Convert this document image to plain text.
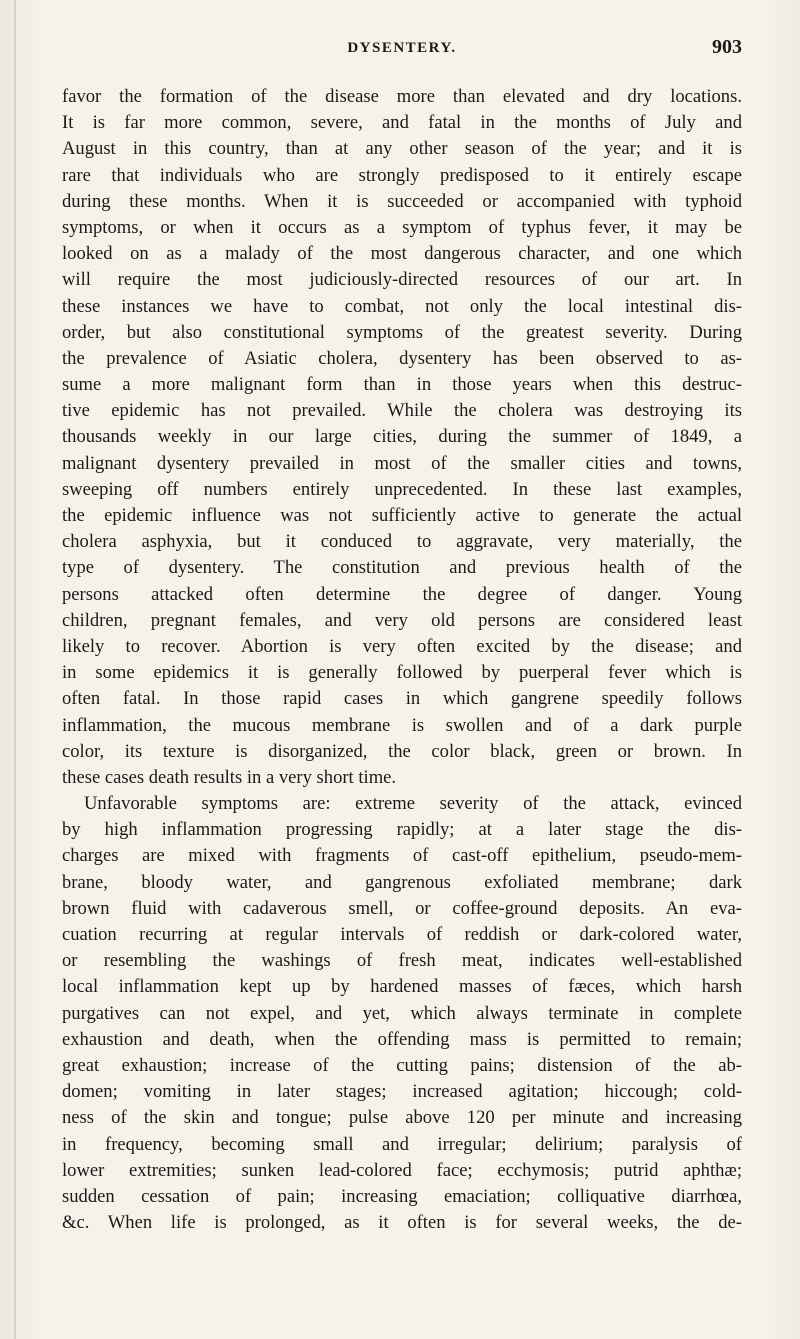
DYSENTERY.	903
favor the formation of the disease more than elevated and dry locations.
It is far more common, severe, and fatal in the months of July and
August in this country, than at any other season of the year; and it is
rare that individuals who are strongly predisposed to it entirely escape
during these months. When it is succeeded or accompanied with typhoid
symptoms, or when it occurs as a symptom of typhus fever, it may be
looked on as a malady of the most dangerous character, and one which
will require the most judiciously-directed resources of our art. In
these instances we have to combat, not only the local intestinal dis-
order, but also constitutional symptoms of the greatest severity. During
the prevalence of Asiatic cholera, dysentery has been observed to as-
sume a more malignant form than in those years when this destruc-
tive epidemic has not prevailed. While the cholera was destroying its
thousands weekly in our large cities, during the summer of 1849, a
malignant dysentery prevailed in most of the smaller cities and towns,
sweeping off numbers entirely unprecedented. In these last examples,
the epidemic influence was not sufficiently active to generate the actual
cholera asphyxia, but it conduced to aggravate, very materially, the
type of dysentery. The constitution and previous health of the
persons attacked often determine the degree of danger. Young
children, pregnant females, and very old persons are considered least
likely to recover. Abortion is very often excited by the disease; and
in some epidemics it is generally followed by puerperal fever which is
often fatal. In those rapid cases in which gangrene speedily follows
inflammation, the mucous membrane is swollen and of a dark purple
color, its texture is disorganized, the color black, green or brown. In
these cases death results in a very short time.
Unfavorable symptoms are: extreme severity of the attack, evinced
by high inflammation progressing rapidly; at a later stage the dis-
charges are mixed with fragments of cast-off epithelium, pseudo-mem-
brane, bloody water, and gangrenous exfoliated membrane; dark
brown fluid with cadaverous smell, or coffee-ground deposits. An eva-
cuation recurring at regular intervals of reddish or dark-colored water,
or resembling the washings of fresh meat, indicates well-established
local inflammation kept up by hardened masses of fæces, which harsh
purgatives can not expel, and yet, which always terminate in complete
exhaustion and death, when the offending mass is permitted to remain;
great exhaustion; increase of the cutting pains; distension of the ab-
domen; vomiting in later stages; increased agitation; hiccough; cold-
ness of the skin and tongue; pulse above 120 per minute and increasing
in frequency, becoming small and irregular; delirium; paralysis of
lower extremities; sunken lead-colored face; ecchymosis; putrid aphthæ;
sudden cessation of pain; increasing emaciation; colliquative diarrhœa,
&c. When life is prolonged, as it often is for several weeks, the de-
